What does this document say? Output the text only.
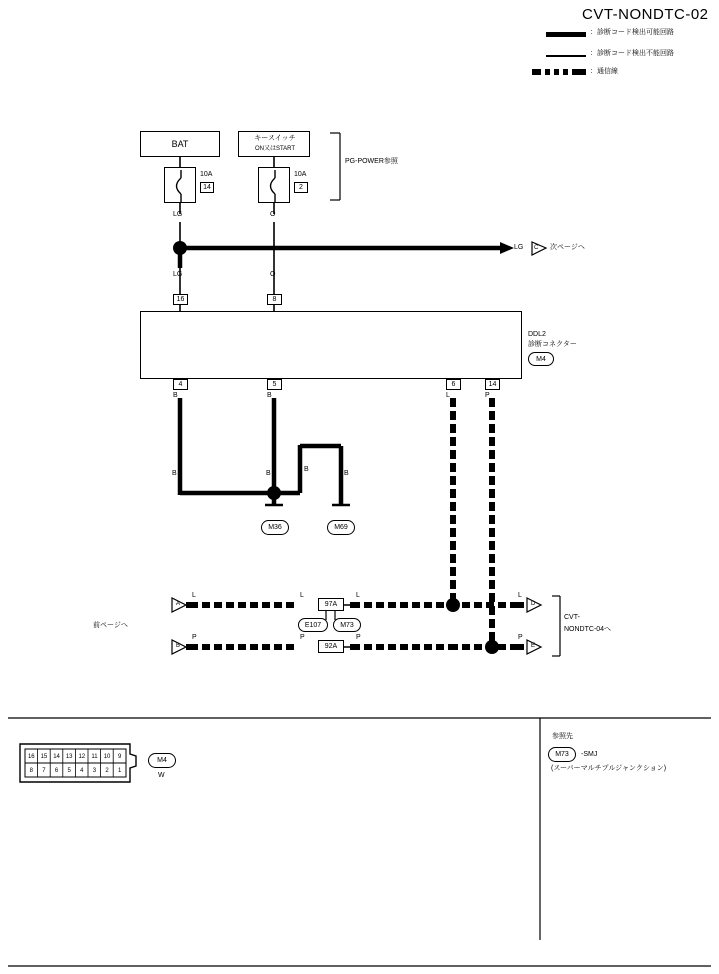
CVT-NONDTC-02
：診断コード検出可能回路
：診断コード検出不能回路
：通信線
BAT
キースイッチ
ON又はSTART
10A
14
10A
2
PG-POWER参照
LG	O
LG	O
LG C 次ページへ
DDL2
診断コネクター
M4
16	8
4	5	6	14
B	B	L	P
B	B
B
B
M36	M69
前ページへ
A
B
D
E
L	L	L	L
P	P	P	P
97A
92A
E107	M73
CVT-
NONDTC-04へ
16 15 14 13 12	11	10	9
8	7	6	5	4	3	2	1
M4
W
参照先
M73	-SMJ
(スーパーマルチプルジャンクション)
